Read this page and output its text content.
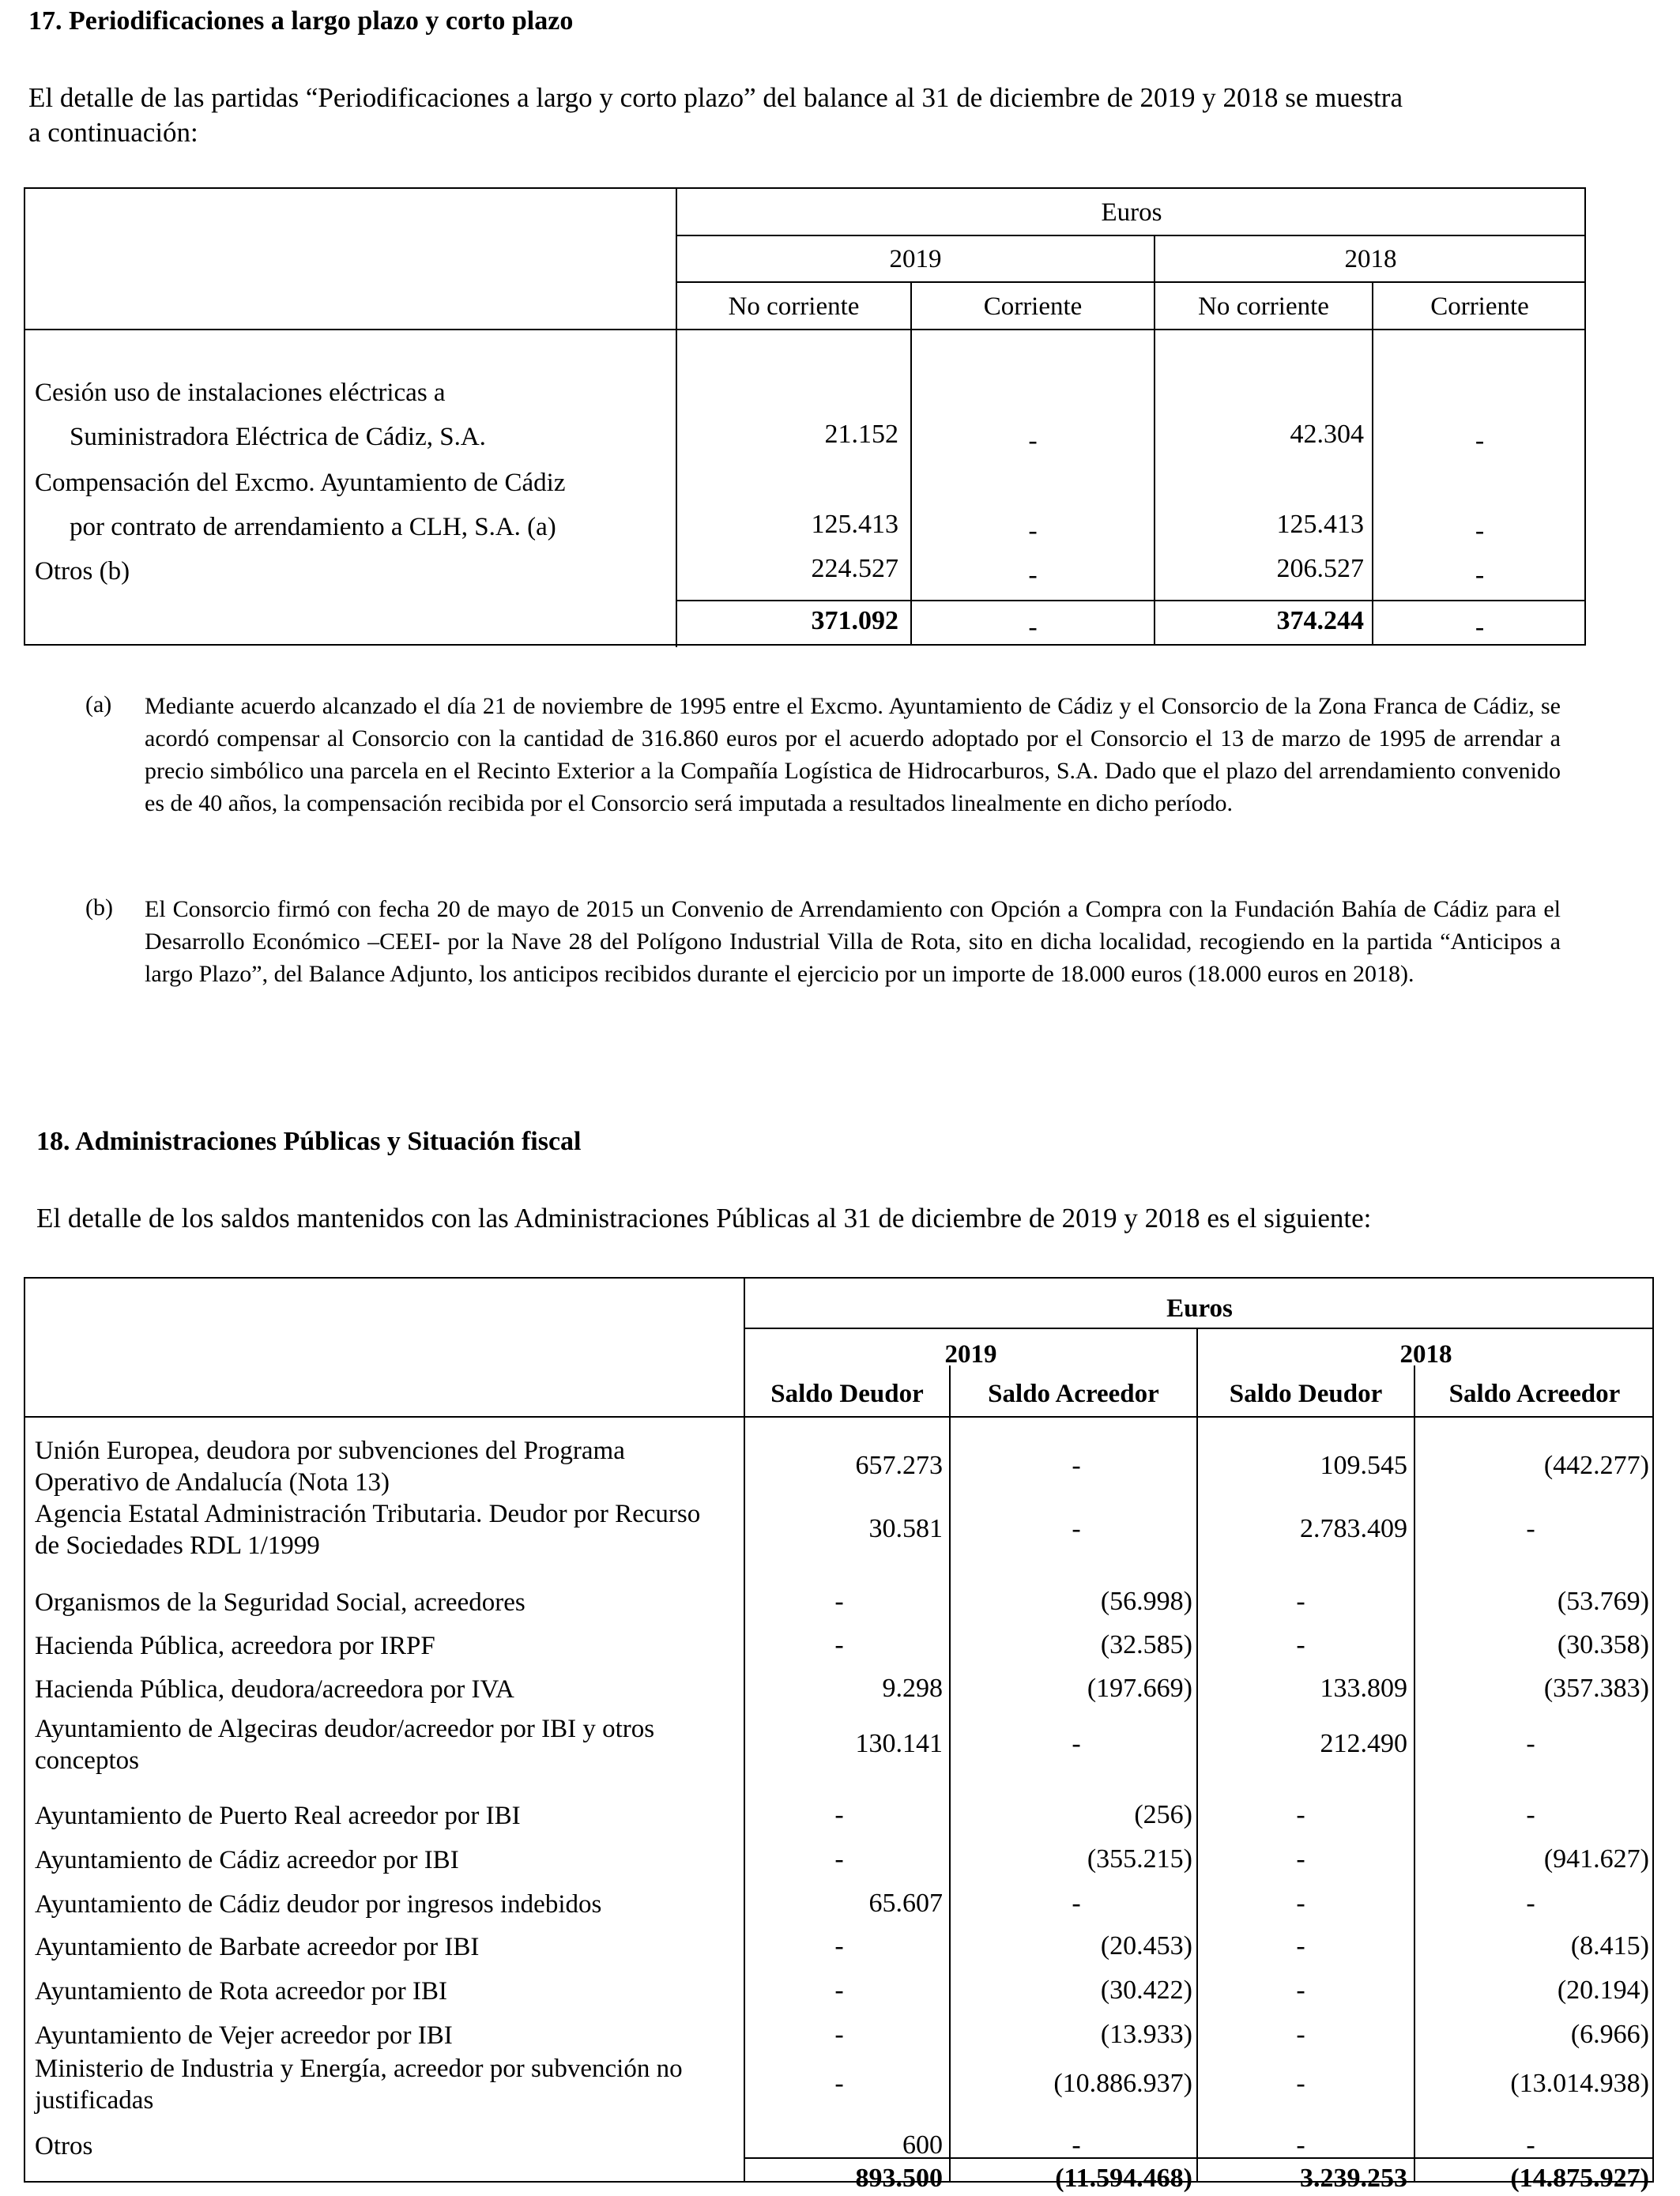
17. Periodificaciones a largo plazo y corto plazo
El detalle de las partidas “Periodificaciones a largo y corto plazo” del balance al 31 de diciembre de 2019 y 2018 se muestra
a continuación:
Euros
2019	2018
No corriente	Corriente	No corriente	Corriente
Cesión uso de instalaciones eléctricas a
Suministradora Eléctrica de Cádiz, S.A.	21.152	-	42.304	-
Compensación del Excmo. Ayuntamiento de Cádiz
por contrato de arrendamiento a CLH, S.A. (a)	125.413	-	125.413	-
Otros (b)	224.527	-	206.527	-
371.092	-	374.244	-
(a) Mediante acuerdo alcanzado el día 21 de noviembre de 1995 entre el Excmo. Ayuntamiento de Cádiz y el Consorcio de la Zona Franca de Cádiz, se acordó compensar al Consorcio con la cantidad de 316.860 euros por el acuerdo adoptado por el Consorcio el 13 de marzo de 1995 de arrendar a precio simbólico una parcela en el Recinto Exterior a la Compañía Logística de Hidrocarburos, S.A. Dado que el plazo del arrendamiento convenido es de 40 años, la compensación recibida por el Consorcio será imputada a resultados linealmente en dicho período.
(b) El Consorcio firmó con fecha 20 de mayo de 2015 un Convenio de Arrendamiento con Opción a Compra con la Fundación Bahía de Cádiz para el Desarrollo Económico –CEEI- por la Nave 28 del Polígono Industrial Villa de Rota, sito en dicha localidad, recogiendo en la partida “Anticipos a largo Plazo”, del Balance Adjunto, los anticipos recibidos durante el ejercicio por un importe de 18.000 euros (18.000 euros en 2018).
18. Administraciones Públicas y Situación fiscal
El detalle de los saldos mantenidos con las Administraciones Públicas al 31 de diciembre de 2019 y 2018 es el siguiente:
Euros
2019	2018
Saldo Deudor	Saldo Acreedor	Saldo Deudor	Saldo Acreedor
Unión Europea, deudora por subvenciones del Programa
Operativo de Andalucía (Nota 13)
657.273	-	109.545	(442.277)
Agencia Estatal Administración Tributaria. Deudor por Recurso
de Sociedades RDL 1/1999
30.581	-	2.783.409	-
Organismos de la Seguridad Social, acreedores	-	(56.998)	-	(53.769)
Hacienda Pública, acreedora por IRPF	-	(32.585)	-	(30.358)
Hacienda Pública, deudora/acreedora por IVA	9.298	(197.669)	133.809	(357.383)
Ayuntamiento de Algeciras deudor/acreedor por IBI y otros
conceptos
130.141	-	212.490	-
Ayuntamiento de Puerto Real acreedor por IBI	-	(256)	-	-
Ayuntamiento de Cádiz acreedor por IBI	-	(355.215)	-	(941.627)
Ayuntamiento de Cádiz deudor por ingresos indebidos	65.607	-	-	-
Ayuntamiento de Barbate acreedor por IBI	-	(20.453)	-	(8.415)
Ayuntamiento de Rota acreedor por IBI	-	(30.422)	-	(20.194)
Ayuntamiento de Vejer acreedor por IBI	-	(13.933)	-	(6.966)
Ministerio de Industria y Energía, acreedor por subvención no
justificadas
-	(10.886.937)	-	(13.014.938)
Otros	600	-	-	-
893.500	(11.594.468)	3.239.253	(14.875.927)
